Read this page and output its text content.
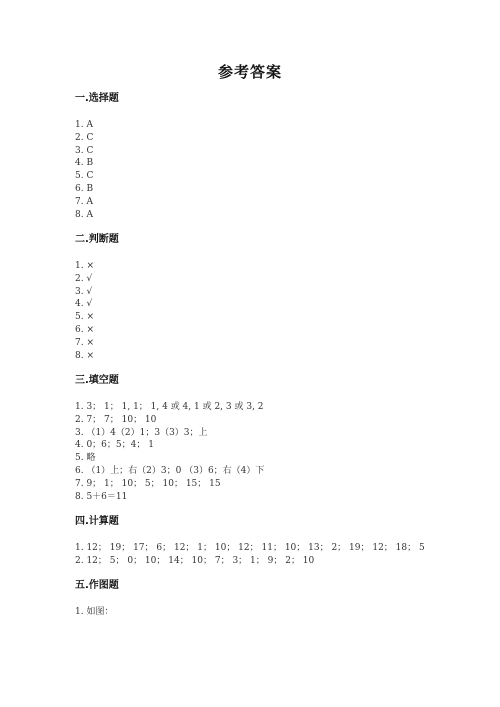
参考答案
一.选择题
1. A
2. C
3. C
4. B
5. C
6. B
7. A
8. A
二.判断题
1. ×
2. √
3. √
4. √
5. ×
6. ×
7. ×
8. ×
三.填空题
1. 3； 1； 1, 1； 1, 4 或 4, 1 或 2, 3 或 3, 2
2. 7； 7； 10； 10
3. （1）4（2）1；3（3）3；上
4. 0；6；5；4； 1
5. 略
6. （1）上；右（2）3；0 （3）6；右（4）下
7. 9； 1； 10； 5； 10； 15； 15
8. 5＋6＝11
四.计算题
1. 12； 19； 17； 6； 12； 1； 10； 12； 11； 10； 13； 2； 19； 12； 18； 5
2. 12； 5； 0； 10； 14； 10； 7； 3； 1； 9； 2； 10
五.作图题
1. 如图：
